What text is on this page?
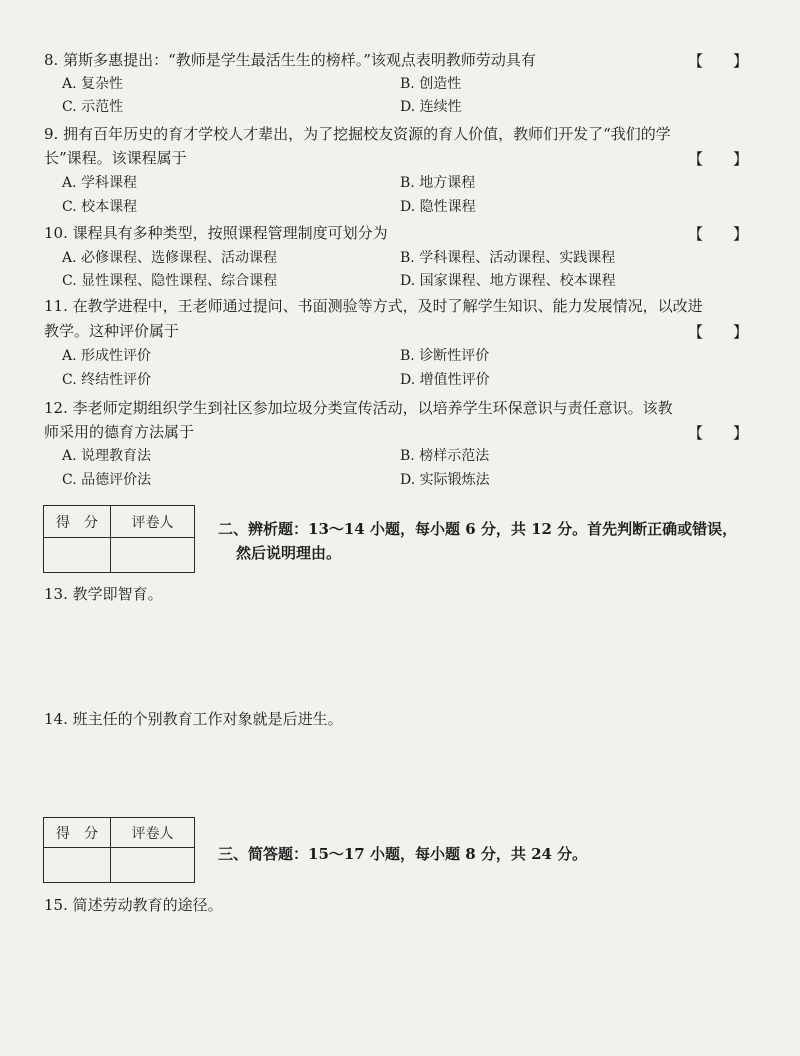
8. 第斯多惠提出：“教师是学生最活生生的榜样。”该观点表明教师劳动具有	【　　】
A. 复杂性	B. 创造性
C. 示范性	D. 连续性
9. 拥有百年历史的育才学校人才辈出，为了挖掘校友资源的育人价值，教师们开发了“我们的学
长”课程。该课程属于	【　　】
A. 学科课程	B. 地方课程
C. 校本课程	D. 隐性课程
10. 课程具有多种类型，按照课程管理制度可划分为	【　　】
A. 必修课程、选修课程、活动课程	B. 学科课程、活动课程、实践课程
C. 显性课程、隐性课程、综合课程	D. 国家课程、地方课程、校本课程
11. 在教学进程中，王老师通过提问、书面测验等方式，及时了解学生知识、能力发展情况，以改进
教学。这种评价属于	【　　】
A. 形成性评价	B. 诊断性评价
C. 终结性评价	D. 增值性评价
12. 李老师定期组织学生到社区参加垃圾分类宣传活动，以培养学生环保意识与责任意识。该教
师采用的德育方法属于	【　　】
A. 说理教育法	B. 榜样示范法
C. 品德评价法	D. 实际锻炼法
得　分	评卷人
		二、辨析题：13～14 小题，每小题 6 分，共 12 分。首先判断正确或错误，
然后说明理由。
13. 教学即智育。
14. 班主任的个别教育工作对象就是后进生。
得　分	评卷人

三、简答题：15～17 小题，每小题 8 分，共 24 分。
15. 简述劳动教育的途径。
